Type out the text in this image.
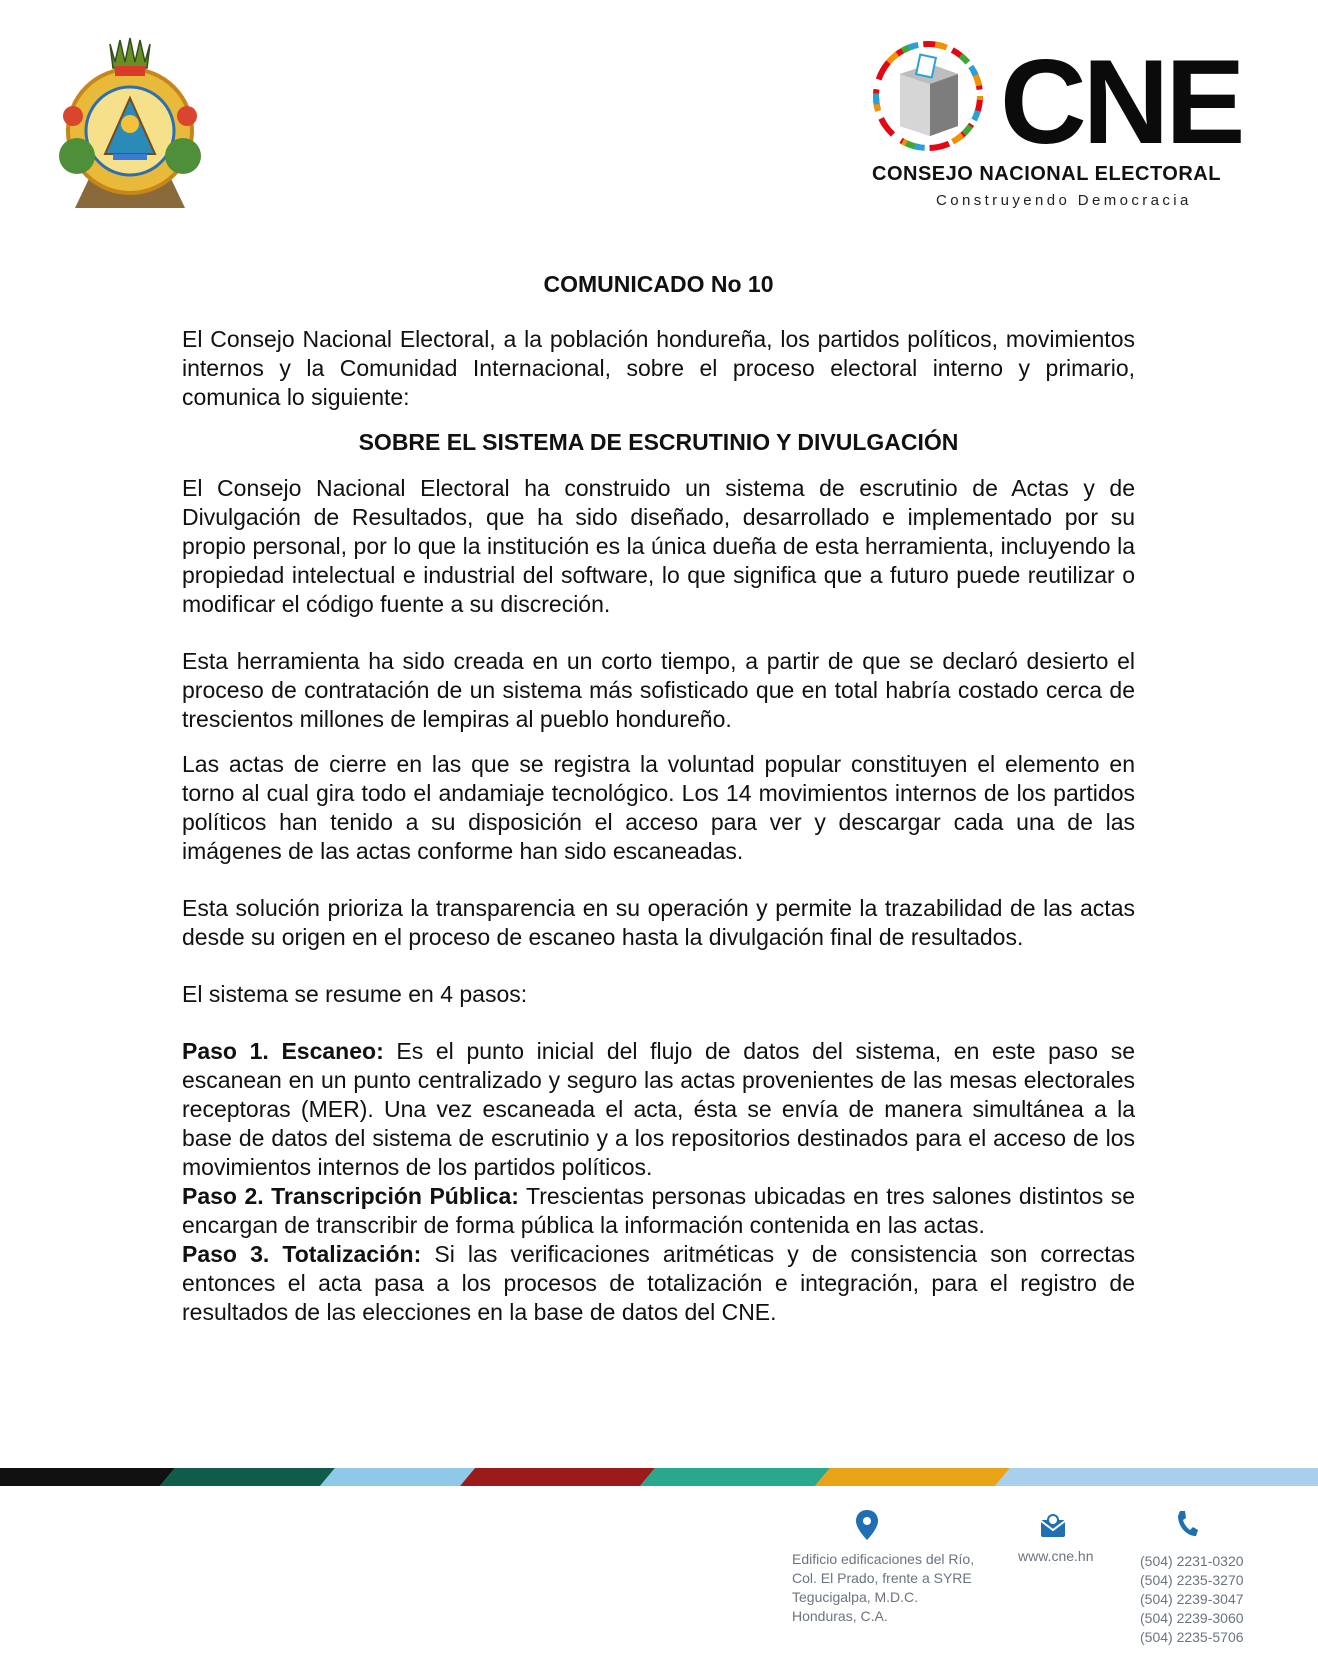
CNE
CONSEJO NACIONAL ELECTORAL
Construyendo Democracia
COMUNICADO No 10

El Consejo Nacional Electoral, a la población hondureña, los partidos políticos, movimientos internos y la Comunidad Internacional, sobre el proceso electoral interno y primario, comunica lo siguiente:

SOBRE EL SISTEMA DE ESCRUTINIO Y DIVULGACIÓN

El Consejo Nacional Electoral ha construido un sistema de escrutinio de Actas y de Divulgación de Resultados, que ha sido diseñado, desarrollado e implementado por su propio personal, por lo que la institución es la única dueña de esta herramienta, incluyendo la propiedad intelectual e industrial del software, lo que significa que a futuro puede reutilizar o modificar el código fuente a su discreción.

Esta herramienta ha sido creada en un corto tiempo, a partir de que se declaró desierto el proceso de contratación de un sistema más sofisticado que en total habría costado cerca de trescientos millones de lempiras al pueblo hondureño.

Las actas de cierre en las que se registra la voluntad popular constituyen el elemento en torno al cual gira todo el andamiaje tecnológico. Los 14 movimientos internos de los partidos políticos han tenido a su disposición el acceso para ver y descargar cada una de las imágenes de las actas conforme han sido escaneadas.

Esta solución prioriza la transparencia en su operación y permite la trazabilidad de las actas desde su origen en el proceso de escaneo hasta la divulgación final de resultados.

El sistema se resume en 4 pasos:

Paso 1. Escaneo: Es el punto inicial del flujo de datos del sistema, en este paso se escanean en un punto centralizado y seguro las actas provenientes de las mesas electorales receptoras (MER). Una vez escaneada el acta, ésta se envía de manera simultánea a la base de datos del sistema de escrutinio y a los repositorios destinados para el acceso de los movimientos internos de los partidos políticos.

Paso 2. Transcripción Pública: Trescientas personas ubicadas en tres salones distintos se encargan de transcribir de forma pública la información contenida en las actas.

Paso 3. Totalización: Si las verificaciones aritméticas y de consistencia son correctas entonces el acta pasa a los procesos de totalización e integración, para el registro de resultados de las elecciones en la base de datos del CNE.

Edificio edificaciones del Río,
Col. El Prado, frente a SYRE
Tegucigalpa, M.D.C.
Honduras, C.A.
www.cne.hn	(504) 2231-0320
(504) 2235-3270
(504) 2239-3047
(504) 2239-3060
(504) 2235-5706
